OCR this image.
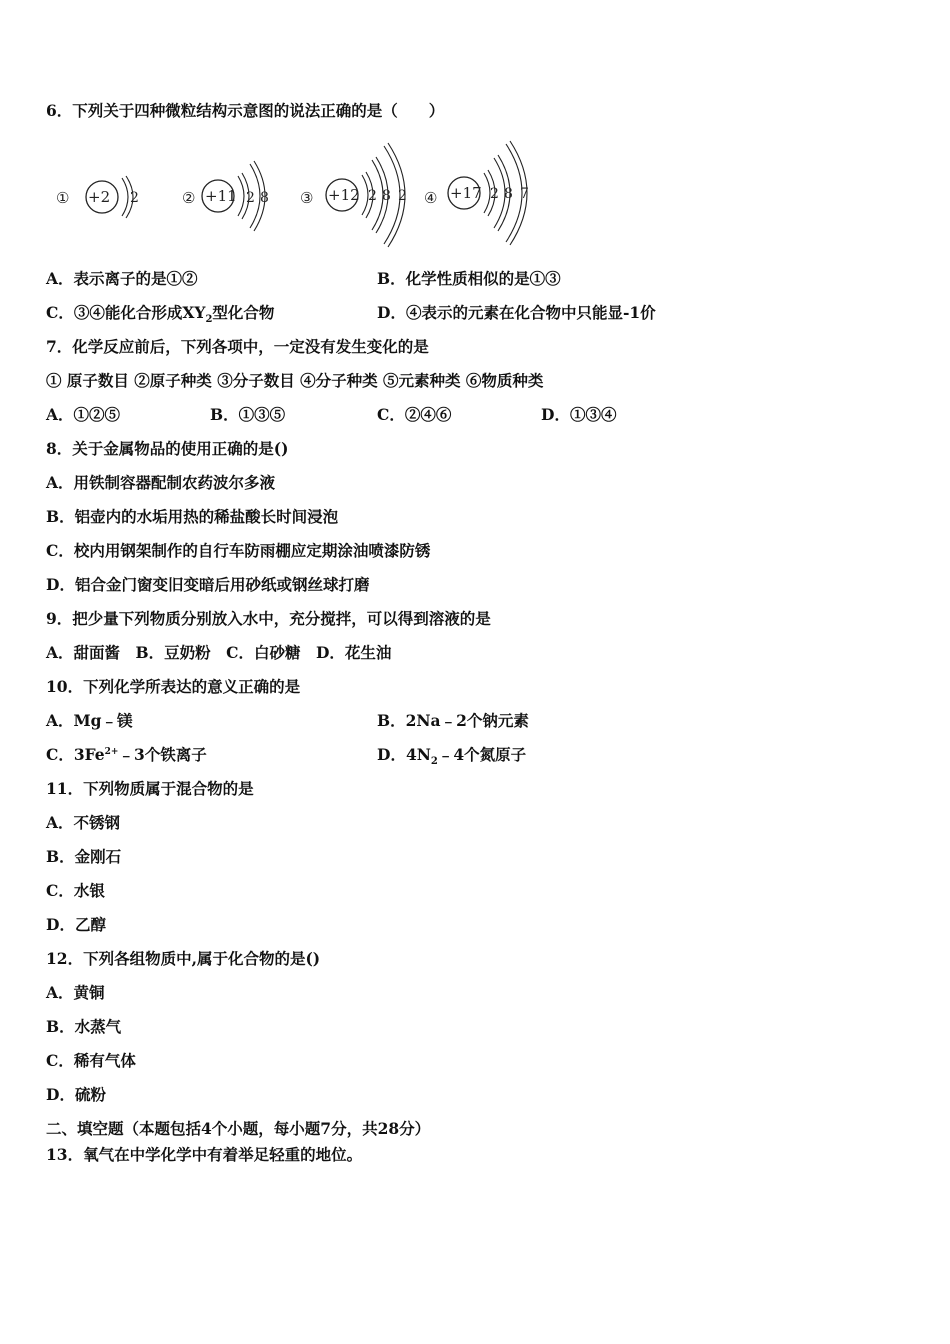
6．下列关于四种微粒结构示意图的说法正确的是（　　）
① +2 2	② +11 2 8 ③ +12 2 8 2 ④ +17 2 8 7
A．表示离子的是①②	B．化学性质相似的是①③
C．③④能化合形成$XY_2$型化合物	D．④表示的元素在化合物中只能显-1价
7．化学反应前后，下列各项中，一定没有发生变化的是
① 原子数目 ②原子种类 ③分子数目 ④分子种类 ⑤元素种类 ⑥物质种类
A．①②⑤	B．①③⑤	C．②④⑥	D．①③④
8．关于金属物品的使用正确的是()
A．用铁制容器配制农药波尔多液
B．铝壶内的水垢用热的稀盐酸长时间浸泡
C．校内用钢架制作的自行车防雨棚应定期涂油喷漆防锈
D．铝合金门窗变旧变暗后用砂纸或钢丝球打磨
9．把少量下列物质分别放入水中，充分搅拌，可以得到溶液的是
A．甜面酱　B．豆奶粉　C．白砂糖　D．花生油
10．下列化学所表达的意义正确的是
A．Mg﹣镁	B．2Na﹣2个钠元素
C．$3Fe^{2+}﹣3$个铁离子	D．$4N_2﹣4$个氮原子
11．下列物质属于混合物的是
A．不锈钢
B．金刚石
C．水银
D．乙醇
12．下列各组物质中,属于化合物的是()
A．黄铜
B．水蒸气
C．稀有气体
D．硫粉
二、填空题（本题包括4个小题，每小题7分，共28分）
13．氧气在中学化学中有着举足轻重的地位。
